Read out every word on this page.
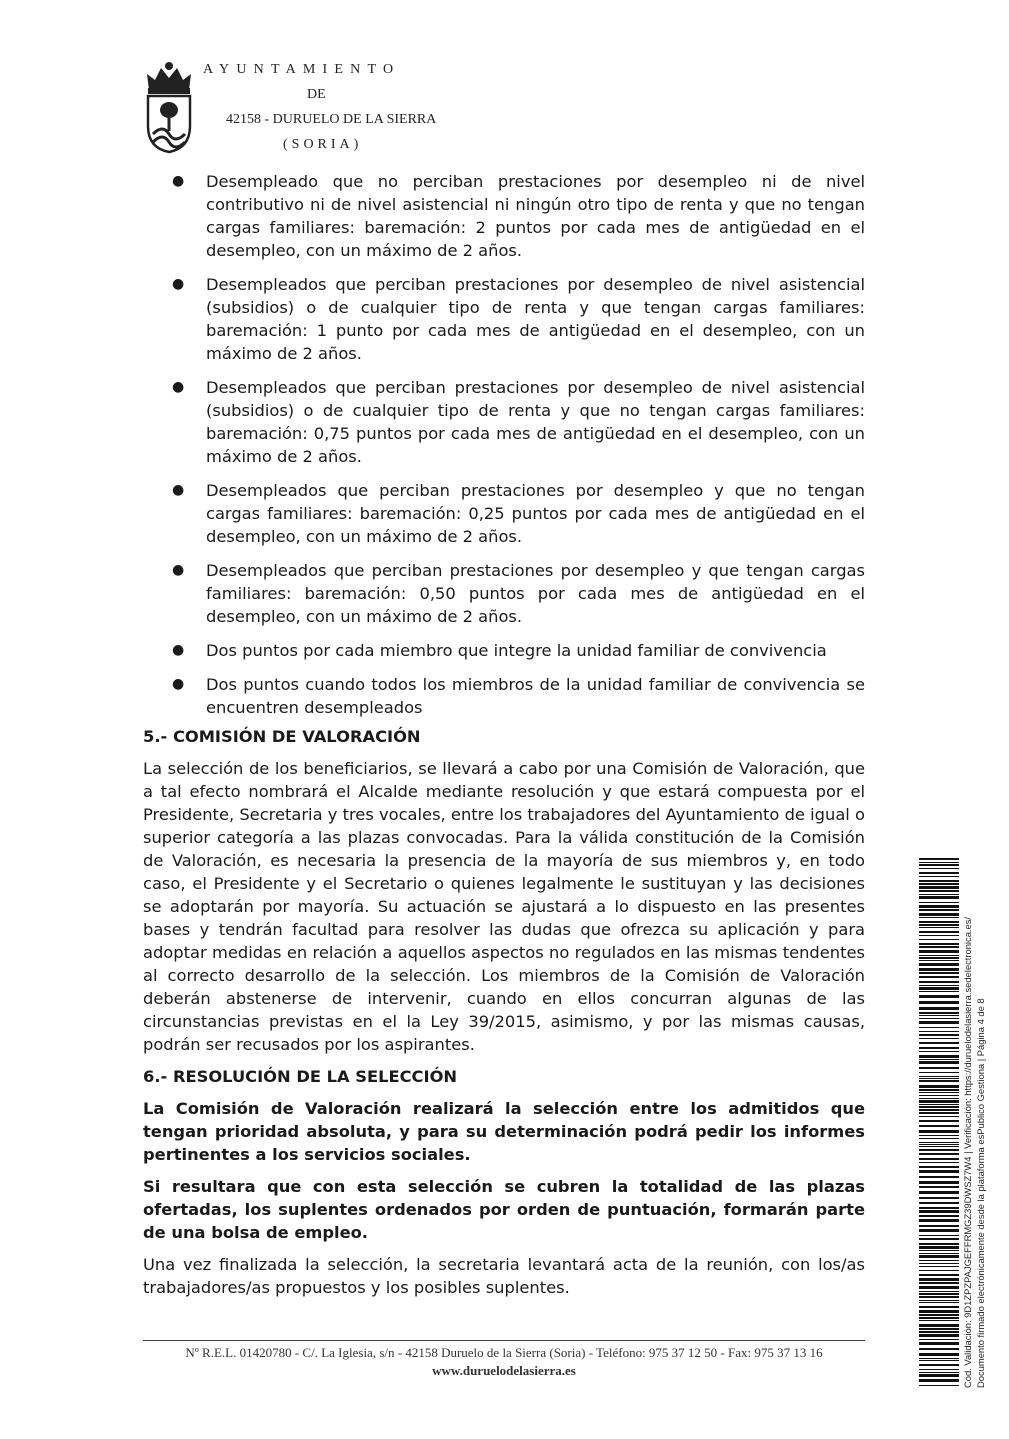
AYUNTAMIENTO
DE
42158 - DURUELO DE LA SIERRA
(SORIA)
● Desempleado que no perciban prestaciones por desempleo ni de nivel contributivo ni de nivel asistencial ni ningún otro tipo de renta y que no tengan cargas familiares: baremación: 2 puntos por cada mes de antigüedad en el desempleo, con un máximo de 2 años.
● Desempleados que perciban prestaciones por desempleo de nivel asistencial (subsidios) o de cualquier tipo de renta y que tengan cargas familiares: baremación: 1 punto por cada mes de antigüedad en el desempleo, con un máximo de 2 años.
● Desempleados que perciban prestaciones por desempleo de nivel asistencial (subsidios) o de cualquier tipo de renta y que no tengan cargas familiares: baremación: 0,75 puntos por cada mes de antigüedad en el desempleo, con un máximo de 2 años.
● Desempleados que perciban prestaciones por desempleo y que no tengan cargas familiares: baremación: 0,25 puntos por cada mes de antigüedad en el desempleo, con un máximo de 2 años.
● Desempleados que perciban prestaciones por desempleo y que tengan cargas familiares: baremación: 0,50 puntos por cada mes de antigüedad en el desempleo, con un máximo de 2 años.
● Dos puntos por cada miembro que integre la unidad familiar de convivencia
● Dos puntos cuando todos los miembros de la unidad familiar de convivencia se encuentren desempleados
5.- COMISIÓN DE VALORACIÓN

La selección de los beneficiarios, se llevará a cabo por una Comisión de Valoración, que a tal efecto nombrará el Alcalde mediante resolución y que estará compuesta por el Presidente, Secretaria y tres vocales, entre los trabajadores del Ayuntamiento de igual o superior categoría a las plazas convocadas. Para la válida constitución de la Comisión de Valoración, es necesaria la presencia de la mayoría de sus miembros y, en todo caso, el Presidente y el Secretario o quienes legalmente le sustituyan y las decisiones se adoptarán por mayoría. Su actuación se ajustará a lo dispuesto en las presentes bases y tendrán facultad para resolver las dudas que ofrezca su aplicación y para adoptar medidas en relación a aquellos aspectos no regulados en las mismas tendentes al correcto desarrollo de la selección. Los miembros de la Comisión de Valoración deberán abstenerse de intervenir, cuando en ellos concurran algunas de las circunstancias previstas en el la Ley 39/2015, asimismo, y por las mismas causas, podrán ser recusados por los aspirantes.

6.- RESOLUCIÓN DE LA SELECCIÓN

La Comisión de Valoración realizará la selección entre los admitidos que tengan prioridad absoluta, y para su determinación podrá pedir los informes pertinentes a los servicios sociales.

Si resultara que con esta selección se cubren la totalidad de las plazas ofertadas, los suplentes ordenados por orden de puntuación, formarán parte de una bolsa de empleo.

Una vez finalizada la selección, la secretaria levantará acta de la reunión, con los/as trabajadores/as propuestos y los posibles suplentes.

Nº R.E.L. 01420780 - C/. La Iglesia, s/n - 42158 Duruelo de la Sierra (Soria) - Teléfono: 975 37 12 50 - Fax: 975 37 13 16
www.duruelodelasierra.es	Cód. Validación: 9D1ZPZPAJGEFFRMGZ39DWSZ7W4 | Verificación: https://duruelodelasierra.sedelectronica.es/ Documento firmado electrónicamente desde la plataforma esPublico Gestiona | Página 4 de 8
